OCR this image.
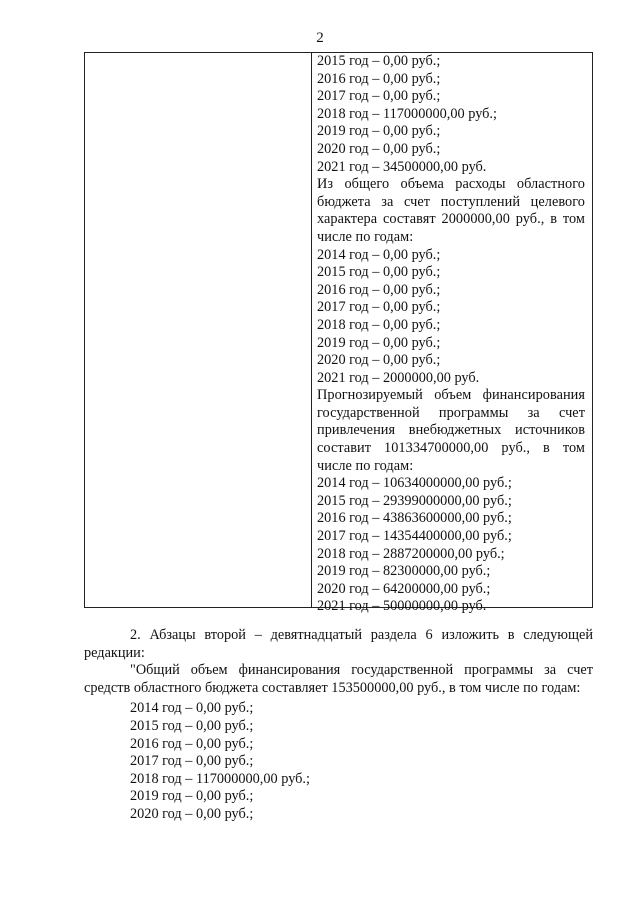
2
2015 год – 0,00 руб.;
2016 год – 0,00 руб.;
2017 год – 0,00 руб.;
2018 год – 117000000,00 руб.;
2019 год – 0,00 руб.;
2020 год – 0,00 руб.;
2021 год – 34500000,00 руб.
Из общего объема расходы областного бюджета за счет поступлений целевого характера составят 2000000,00 руб., в том числе по годам:
2014 год – 0,00 руб.;
2015 год – 0,00 руб.;
2016 год – 0,00 руб.;
2017 год – 0,00 руб.;
2018 год – 0,00 руб.;
2019 год – 0,00 руб.;
2020 год – 0,00 руб.;
2021 год – 2000000,00 руб.
Прогнозируемый объем финансирования государственной программы за счет привлечения внебюджетных источников составит 101334700000,00 руб., в том числе по годам:
2014 год – 10634000000,00 руб.;
2015 год – 29399000000,00 руб.;
2016 год – 43863600000,00 руб.;
2017 год – 14354400000,00 руб.;
2018 год – 2887200000,00 руб.;
2019 год – 82300000,00 руб.;
2020 год – 64200000,00 руб.;
2021 год – 50000000,00 руб.
2. Абзацы второй – девятнадцатый раздела 6 изложить в следующей редакции:
"Общий объем финансирования государственной программы за счет средств областного бюджета составляет 153500000,00 руб., в том числе по годам:
2014 год – 0,00 руб.;
2015 год – 0,00 руб.;
2016 год – 0,00 руб.;
2017 год – 0,00 руб.;
2018 год – 117000000,00 руб.;
2019 год – 0,00 руб.;
2020 год – 0,00 руб.;
